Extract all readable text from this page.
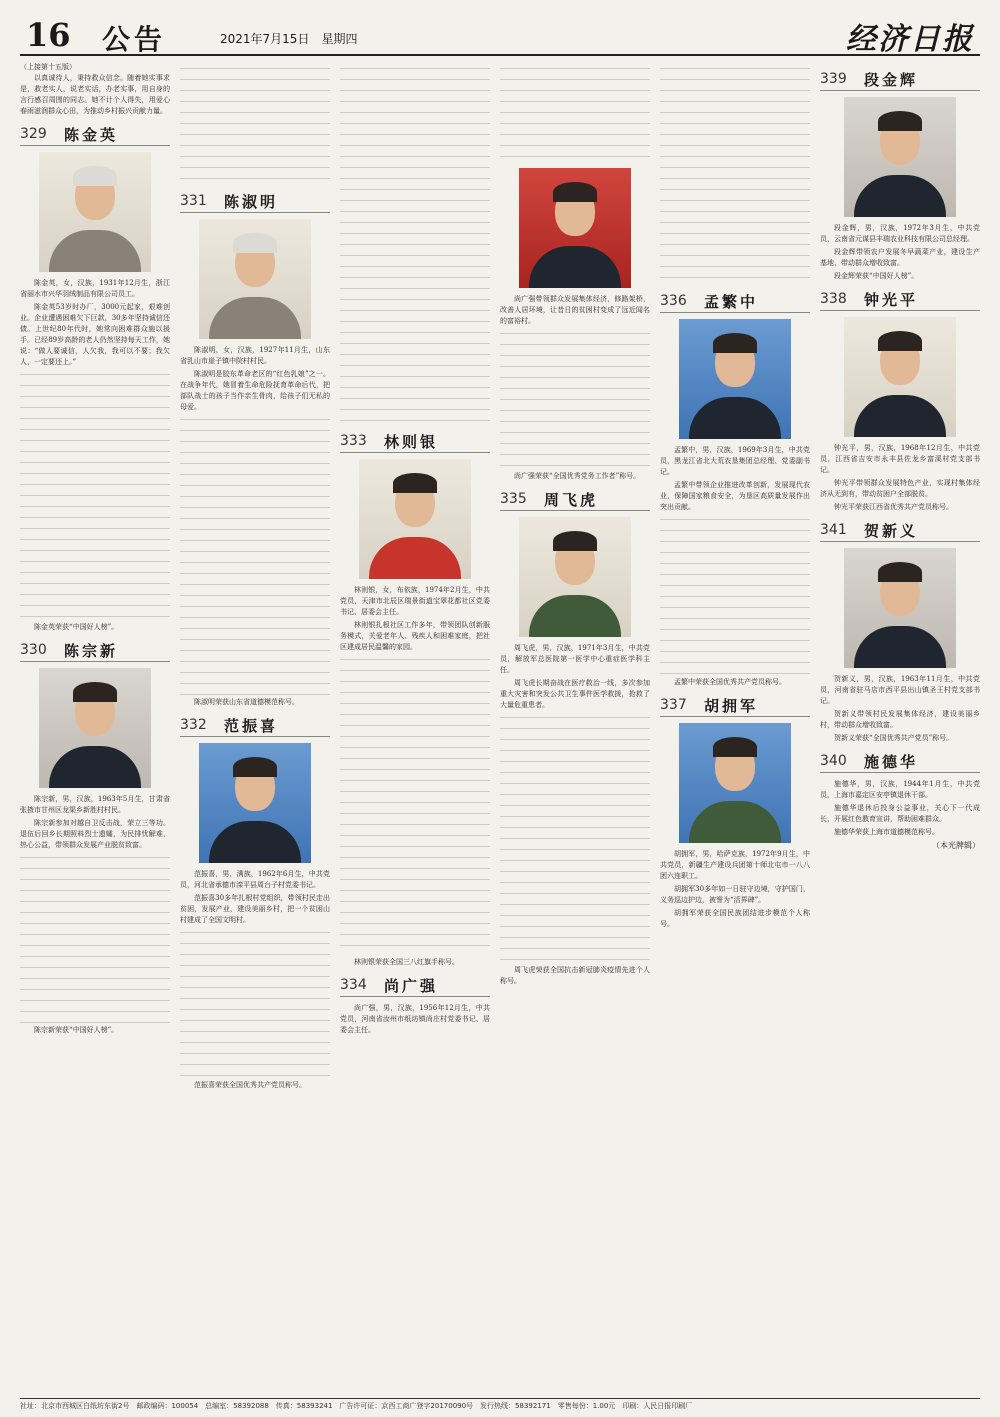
16 公告	2021年7月15日　星期四	经济日报
（上接第十五版）

以真诚待人，秉持救众信念。随着她实事求是，救老实人，说老实话，办老实事，用自身的言行感召周围的同志。她不计个人得失，用爱心春雨滋润群众心田，为推动乡村振兴贡献力量。

329 陈金英

陈金英，女，汉族，1931年12月生，浙江省丽水市兴华羽绒制品有限公司员工。

陈金英53岁时办厂，3000元起家，艰难创业。企业遭遇困难欠下巨款，30多年坚持诚信还债。上世纪80年代时，她常向困难群众施以援手。已经89岁高龄的老人仍然坚持每天工作，她说：“做人要诚信，人欠我，我可以不要；我欠人，一定要还上。”

陈金英荣获“中国好人榜”。

330 陈宗新

陈宗新，男，汉族，1963年5月生，甘肃省张掖市甘州区龙渠乡新胜村村民。

陈宗新参加对越自卫反击战，荣立三等功。退伍后回乡长期照料烈士遗孀，为民排忧解难，热心公益，带领群众发展产业脱贫致富。

陈宗新荣获“中国好人榜”。

331 陈淑明

陈淑明，女，汉族，1927年11月生，山东省乳山市崖子镇中院村村民。

陈淑明是胶东革命老区的“红色乳娘”之一。在战争年代，她冒着生命危险抚育革命后代，把部队战士的孩子当作亲生骨肉，给孩子们无私的母爱。

陈淑明荣获山东省道德模范称号。

332 范振喜

范振喜，男，满族，1962年6月生，中共党员，河北省承德市滦平县周台子村党委书记。

范振喜30多年扎根村党组织，带领村民走出贫困，发展产业，建设美丽乡村，把一个贫困山村建成了全国文明村。

范振喜荣获全国优秀共产党员称号。

333 林则银

林则银，女，布依族，1974年2月生，中共党员，天津市北辰区瑞景街道宝翠花都社区党委书记、居委会主任。

林则银扎根社区工作多年，带领团队创新服务模式，关爱老年人、残疾人和困难家庭，把社区建成居民温馨的家园。

林则银荣获全国三八红旗手称号。

334 尚广强

尚广强，男，汉族，1956年12月生，中共党员，河南省汝州市纸坊镇尚庄村党委书记、居委会主任。

尚广强带领群众发展集体经济，修路架桥，改善人居环境，让昔日的贫困村变成了远近闻名的富裕村。

尚广强荣获“全国优秀党务工作者”称号。

335 周飞虎

周飞虎，男，汉族，1971年3月生，中共党员，解放军总医院第一医学中心重症医学科主任。

周飞虎长期奋战在医疗救治一线，多次参加重大灾害和突发公共卫生事件医学救援，抢救了大量危重患者。

周飞虎荣获全国抗击新冠肺炎疫情先进个人称号。

336 孟繁中

孟繁中，男，汉族，1969年3月生，中共党员，黑龙江省北大荒农垦集团总经理、党委副书记。

孟繁中带领企业推进改革创新，发展现代农业，保障国家粮食安全，为垦区高质量发展作出突出贡献。

孟繁中荣获全国优秀共产党员称号。

337 胡拥军

胡拥军，男，哈萨克族，1972年9月生，中共党员，新疆生产建设兵团第十师北屯市一八八团六连职工。

胡拥军30多年如一日驻守边境，守护国门，义务巡边护边，被誉为“活界碑”。

胡拥军荣获全国民族团结进步模范个人称号。

339 段金辉

段金辉，男，汉族，1972年3月生，中共党员，云南省元谋县丰瑞农业科技有限公司总经理。

段金辉带领农户发展冬早蔬菜产业，建设生产基地，带动群众增收致富。

段金辉荣获“中国好人榜”。

338 钟光平

钟光平，男，汉族，1968年12月生，中共党员，江西省吉安市永丰县佐龙乡富溪村党支部书记。

钟光平带领群众发展特色产业，实现村集体经济从无到有，带动贫困户全部脱贫。

钟光平荣获江西省优秀共产党员称号。

341 贺新义

贺新义，男，汉族，1963年11月生，中共党员，河南省驻马店市西平县出山镇圣王村党支部书记。

贺新义带领村民发展集体经济，建设美丽乡村，带动群众增收致富。

贺新义荣获“全国优秀共产党员”称号。

340 施德华

施德华，男，汉族，1944年1月生，中共党员，上海市嘉定区安亭镇退休干部。

施德华退休后投身公益事业，关心下一代成长，开展红色教育宣讲，帮助困难群众。

施德华荣获上海市道德模范称号。

（本光牌辑）
社址：北京市西城区白纸坊东街2号　邮政编码：100054　总编室：58392088　传真：58393241　广告许可证：京西工商广登字20170090号　发行热线：58392171　零售每份：1.00元　印刷：人民日报印刷厂
